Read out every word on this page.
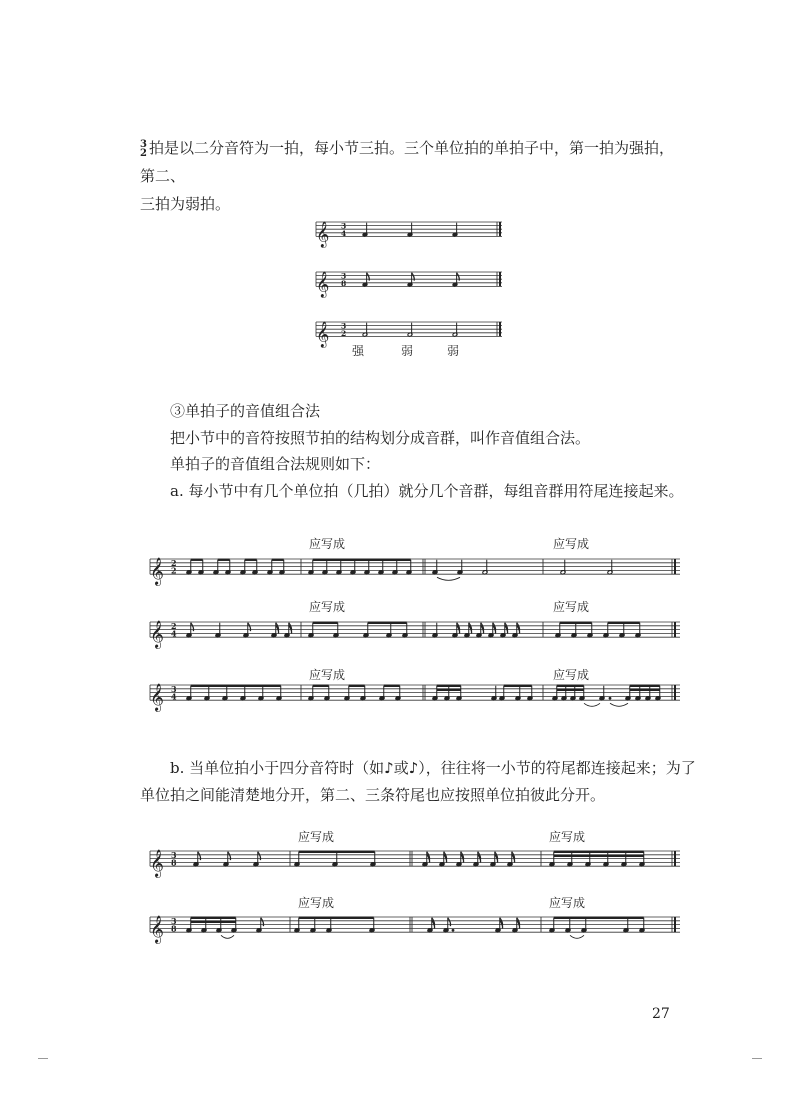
3
2 拍是以二分音符为一拍，每小节三拍。三个单位拍的单拍子中，第一拍为强拍，第二、
三拍为弱拍。
③单拍子的音值组合法
把小节中的音符按照节拍的结构划分成音群，叫作音值组合法。
单拍子的音值组合法规则如下：
a. 每小节中有几个单位拍（几拍）就分几个音群，每组音群用符尾连接起来。
b. 当单位拍小于四分音符时（如♪或♪），往往将一小节的符尾都连接起来；为了
单位拍之间能清楚地分开，第二、三条符尾也应按照单位拍彼此分开。
𝄞 3
4
𝄞 3
8
𝄞 3
2
𝄞 2
2
𝄞 2
4
𝄞 3
4
𝄞 3
8
𝄞 3
8
强	弱	弱
应写成	应写成
应写成	应写成
应写成	应写成
应写成	应写成
应写成	应写成
27
